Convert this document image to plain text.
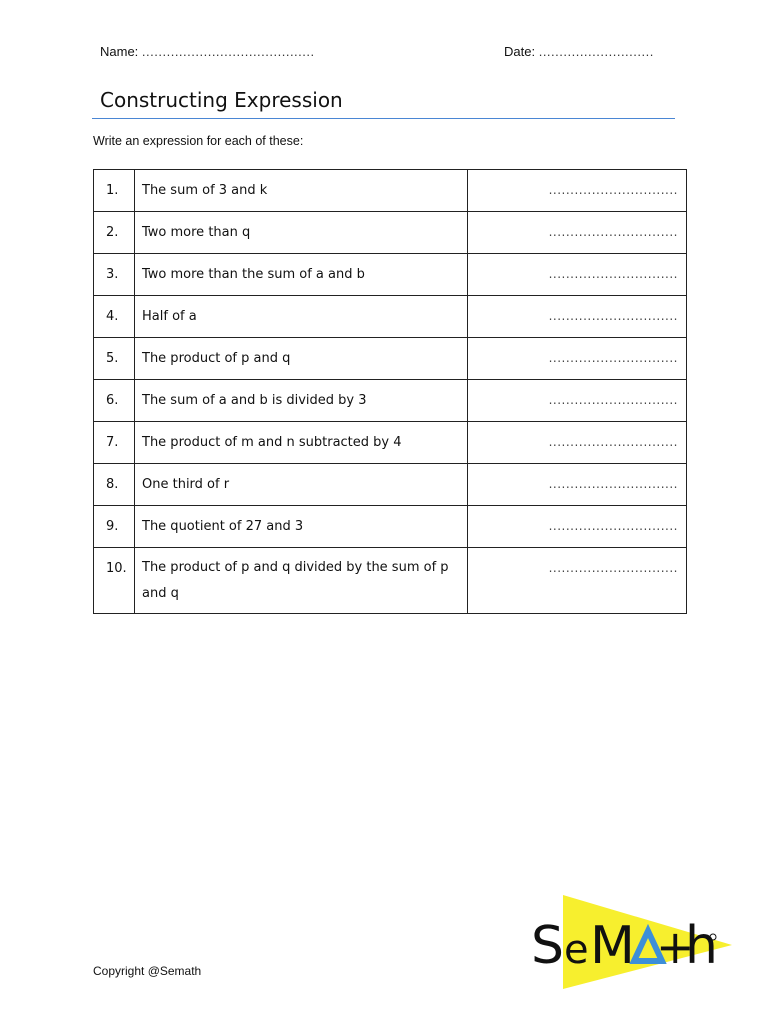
Name: ..........................................	Date: ............................
Constructing Expression
Write an expression for each of these:
1.	The sum of 3 and k	..............................
2.	Two more than q	..............................
3.	Two more than the sum of a and b	..............................
4.	Half of a	..............................
5.	The product of p and q	..............................
6.	The sum of a and b is divided by 3	..............................
7.	The product of m and n subtracted by 4	..............................
8.	One third of r	..............................
9.	The quotient of 27 and 3	..............................
10.	The product of p and q divided by the sum of p and q	..............................
Copyright @Semath	S e M +
h
